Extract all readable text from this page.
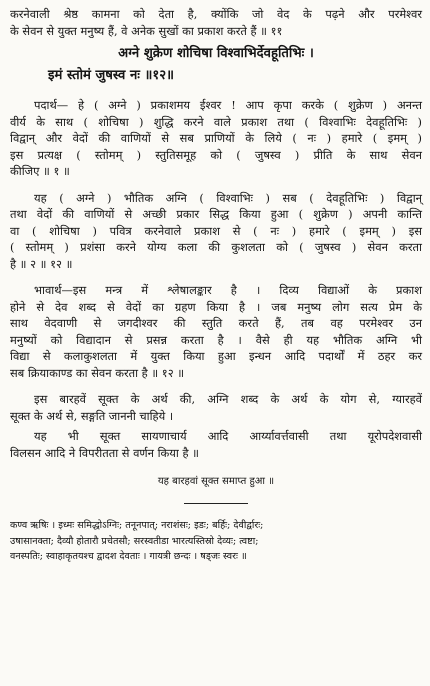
करनेवाली श्रेष्ठ कामना को देता है, क्योंकि जो वेद के पढ़ने और परमेश्वर
के सेवन से युक्त मनुष्य हैं, वे अनेक सुखों का प्रकाश करते हैं ॥ ११
अग्ने शुक्रेण शोचिषा विश्वाभिर्देवहूतिभिः ।
इमं स्तोमं जुषस्व नः ॥१२॥
पदार्थ— हे ( अग्ने ) प्रकाशमय ईश्वर ! आप कृपा करके ( शुक्रेण ) अनन्त
वीर्य के साथ ( शोचिषा ) शुद्धि करने वाले प्रकाश तथा ( विश्वाभिः देवहूतिभिः )
विद्वान् और वेदों की वाणियों से सब प्राणियों के लिये ( नः ) हमारे ( इमम् )
इस प्रत्यक्ष ( स्तोमम् ) स्तुतिसमूह को ( जुषस्व ) प्रीति के साथ सेवन
कीजिए ॥ १ ॥
यह ( अग्ने ) भौतिक अग्नि ( विश्वाभिः ) सब ( देवहूतिभिः ) विद्वान्
तथा वेदों की वाणियों से अच्छी प्रकार सिद्ध किया हुआ ( शुक्रेण ) अपनी कान्ति
वा ( शोचिषा ) पवित्र करनेवाले प्रकाश से ( नः ) हमारे ( इमम् ) इस
( स्तोमम् ) प्रशंसा करने योग्य कला की कुशलता को ( जुषस्व ) सेवन करता
है ॥ २ ॥ १२ ॥
भावार्थ—इस मन्त्र में श्लेषालङ्कार है । दिव्य विद्याओं के प्रकाश
होने से देव शब्द से वेदों का ग्रहण किया है । जब मनुष्य लोग सत्य प्रेम के
साथ वेदवाणी से जगदीश्वर की स्तुति करते हैं, तब वह परमेश्वर उन
मनुष्यों को विद्यादान से प्रसन्न करता है । वैसे ही यह भौतिक अग्नि भी
विद्या से कलाकुशलता में युक्त किया हुआ इन्धन आदि पदार्थों में ठहर कर
सब क्रियाकाण्ड का सेवन करता है ॥ १२ ॥
इस बारहवें सूक्त के अर्थ की, अग्नि शब्द के अर्थ के योग से, ग्यारहवें
सूक्त के अर्थ से, सङ्गति जाननी चाहिये ।
यह भी सूक्त सायणाचार्य आदि आर्य्यावर्त्तवासी तथा यूरोपदेशवासी
विलसन आदि ने विपरीतता से वर्णन किया है ॥
यह बारहवां सूक्त समाप्त हुआ ॥
कण्व ऋषिः । इध्मः समिद्धोऽग्निः; तनूनपात्; नराशंसः; इडः; बर्हिः; देवीर्द्वारः;
उषासानक्ता; दैव्यौ होतारौ प्रचेतसौ; सरस्वतीडा भारत्यस्तिस्रो देव्यः; त्वष्टा;
वनस्पतिः; स्वाहाकृतयश्च द्वादश देवताः । गायत्री छन्दः । षड्जः स्वरः ॥
